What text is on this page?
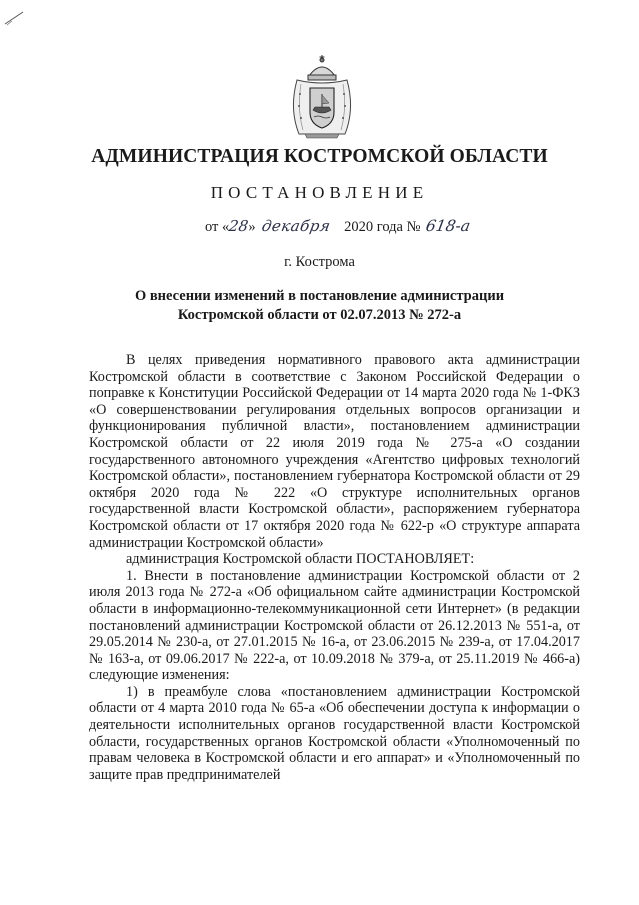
АДМИНИСТРАЦИЯ КОСТРОМСКОЙ ОБЛАСТИ
ПОСТАНОВЛЕНИЕ
от «28» декабря 2020 года № 618-а
г. Кострома
О внесении изменений в постановление администрации
Костромской области от 02.07.2013 № 272-а

В целях приведения нормативного правового акта администрации Костромской области в соответствие с Законом Российской Федерации о поправке к Конституции Российской Федерации от 14 марта 2020 года № 1-ФКЗ «О совершенствовании регулирования отдельных вопросов организации и функционирования публичной власти», постановлением администрации Костромской области от 22 июля 2019 года № 275-а «О создании государственного автономного учреждения «Агентство цифровых технологий Костромской области», постановлением губернатора Костромской области от 29 октября 2020 года № 222 «О структуре исполнительных органов государственной власти Костромской области», распоряжением губернатора Костромской области от 17 октября 2020 года № 622-р «О структуре аппарата администрации Костромской области»

администрация Костромской области ПОСТАНОВЛЯЕТ:

1. Внести в постановление администрации Костромской области от 2 июля 2013 года № 272-а «Об официальном сайте администрации Костромской области в информационно-телекоммуникационной сети Интернет» (в редакции постановлений администрации Костромской области от 26.12.2013 № 551-а, от 29.05.2014 № 230-а, от 27.01.2015 № 16-а, от 23.06.2015 № 239-а, от 17.04.2017 № 163-а, от 09.06.2017 № 222-а, от 10.09.2018 № 379-а, от 25.11.2019 № 466-а) следующие изменения:

1) в преамбуле слова «постановлением администрации Костромской области от 4 марта 2010 года № 65-а «Об обеспечении доступа к информации о деятельности исполнительных органов государственной власти Костромской области, государственных органов Костромской области «Уполномоченный по правам человека в Костромской области и его аппарат» и «Уполномоченный по защите прав предпринимателей
